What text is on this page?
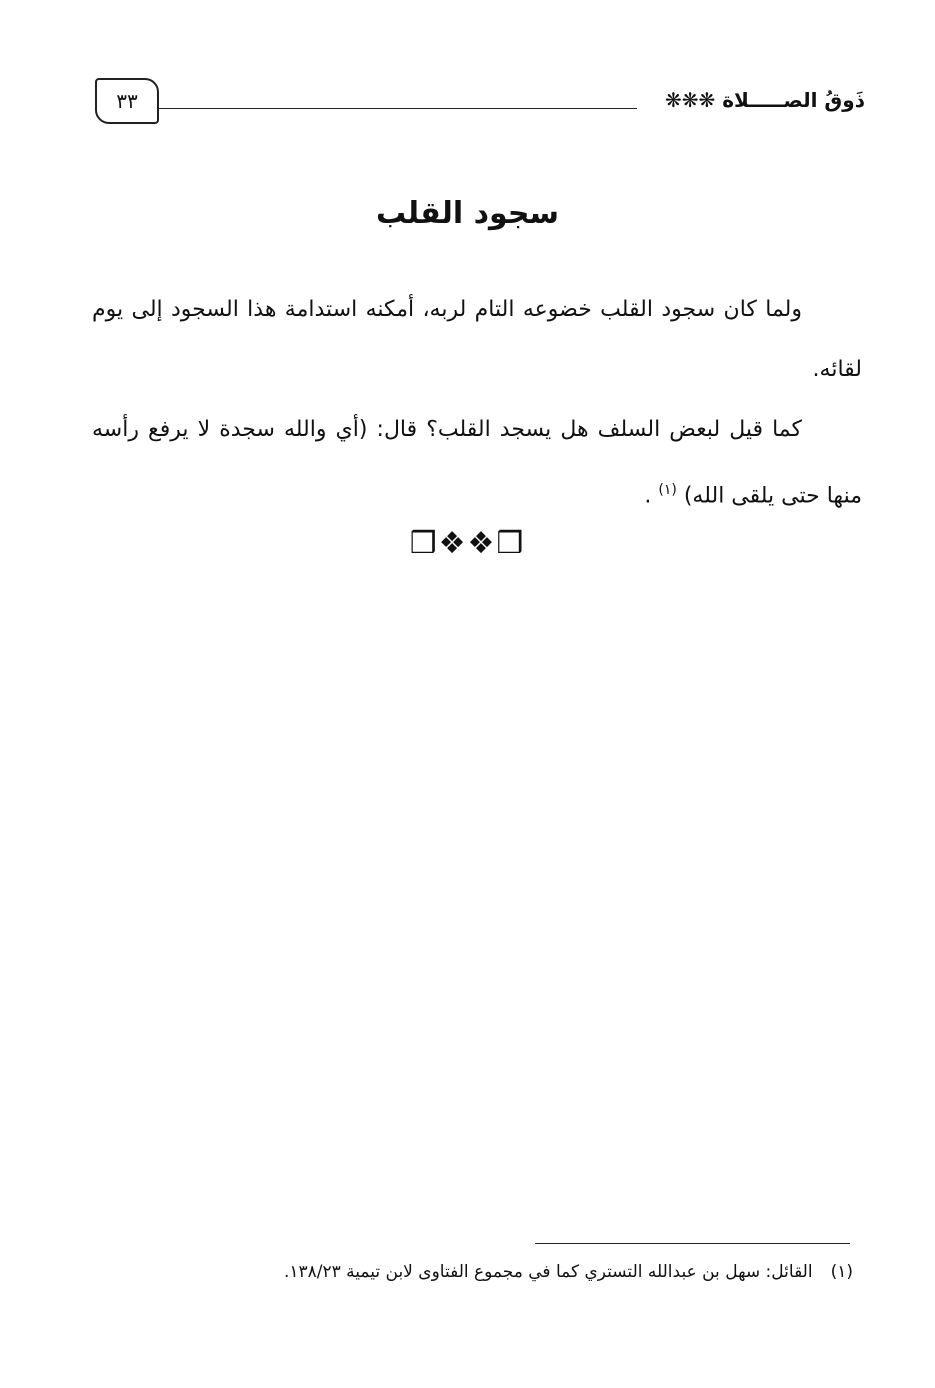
٣٣	ذَوقُ الصـــــلاة ❋❋❋
سجود القلب

ولما كان سجود القلب خضوعه التام لربه، أمكنه استدامة هذا السجود إلى يوم لقائه.

كما قيل لبعض السلف هل يسجد القلب؟ قال: (أي والله سجدة لا يرفع رأسه منها حتى يلقى الله) $^{(١)}$ .

❒❖❖❒
(١)القائل: سهل بن عبدالله التستري كما في مجموع الفتاوى لابن تيمية ١٣٨/٢٣.
